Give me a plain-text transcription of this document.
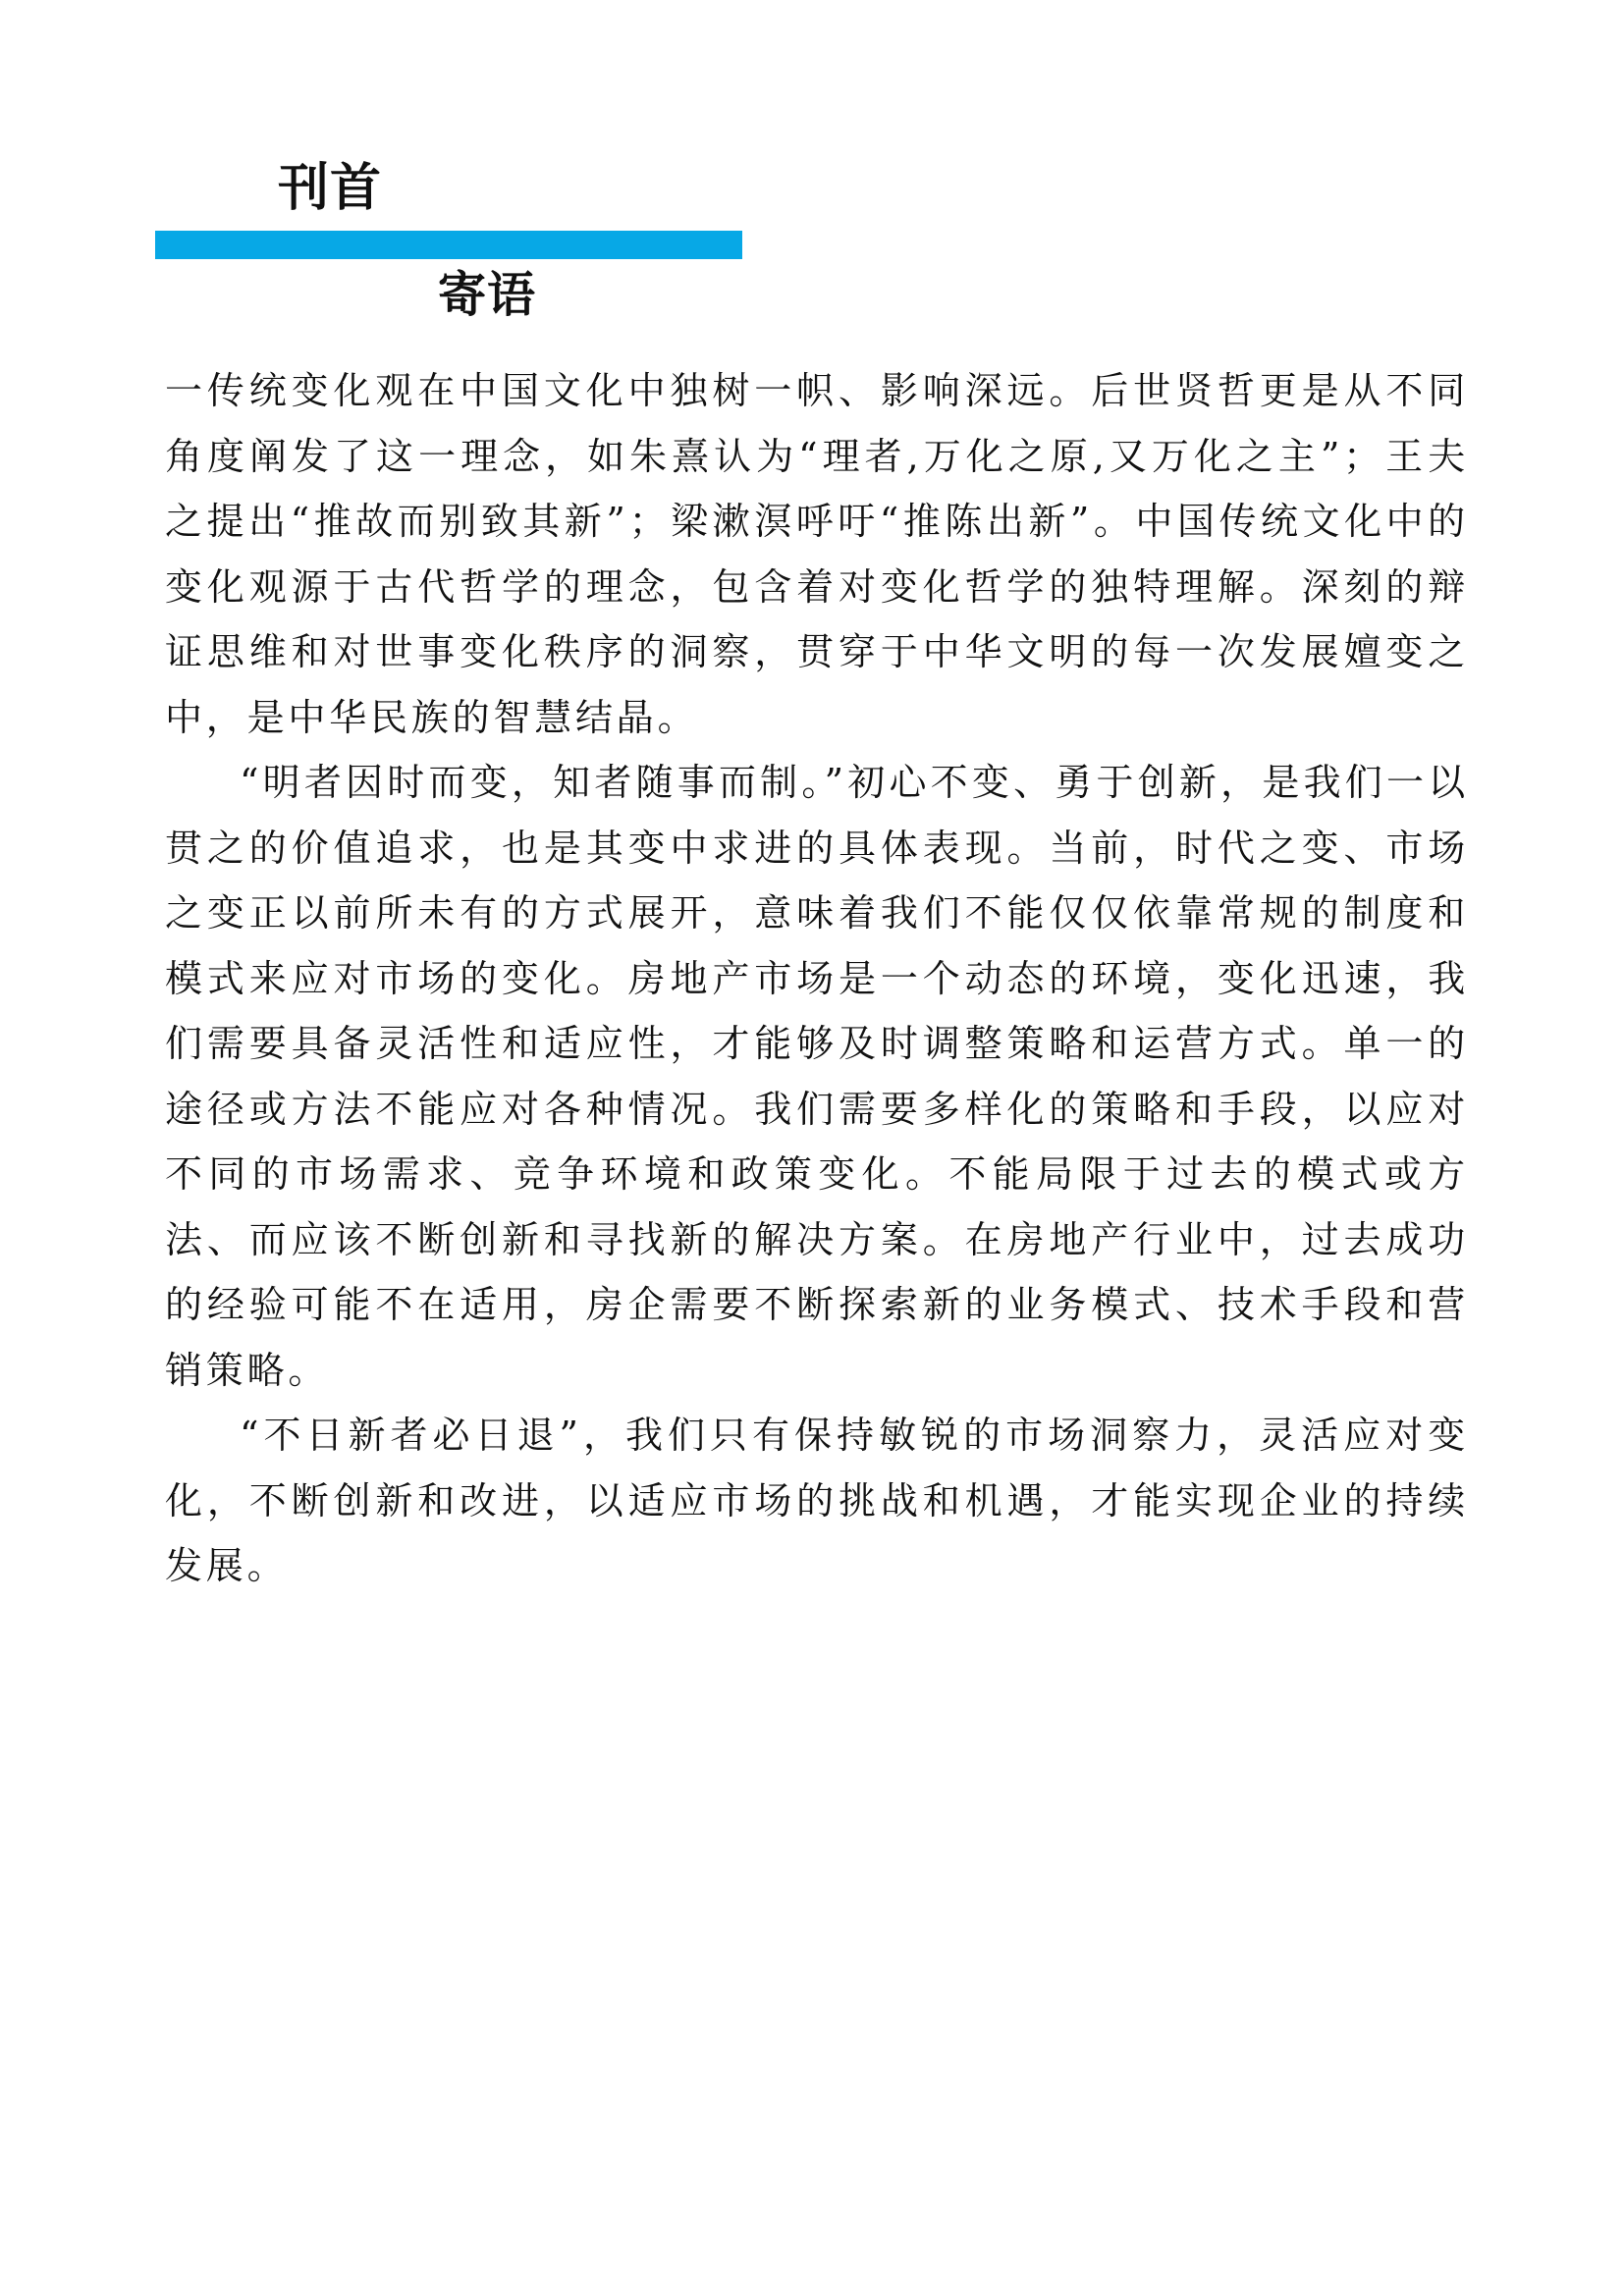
刊首
寄语

一传统变化观在中国文化中独树一帜、影响深远。后世贤哲更是从不同角度阐发了这一理念，如朱熹认为“理者,万化之原,又万化之主”；王夫之提出“推故而别致其新”；梁漱溟呼吁“推陈出新”。中国传统文化中的变化观源于古代哲学的理念，包含着对变化哲学的独特理解。深刻的辩证思维和对世事变化秩序的洞察，贯穿于中华文明的每一次发展嬗变之中，是中华民族的智慧结晶。

“明者因时而变，知者随事而制。”初心不变、勇于创新，是我们一以贯之的价值追求，也是其变中求进的具体表现。当前，时代之变、市场之变正以前所未有的方式展开，意味着我们不能仅仅依靠常规的制度和模式来应对市场的变化。房地产市场是一个动态的环境，变化迅速，我们需要具备灵活性和适应性，才能够及时调整策略和运营方式。单一的途径或方法不能应对各种情况。我们需要多样化的策略和手段，以应对不同的市场需求、竞争环境和政策变化。不能局限于过去的模式或方法、而应该不断创新和寻找新的解决方案。在房地产行业中，过去成功的经验可能不在适用，房企需要不断探索新的业务模式、技术手段和营销策略。

“不日新者必日退”，我们只有保持敏锐的市场洞察力，灵活应对变化，不断创新和改进，以适应市场的挑战和机遇，才能实现企业的持续发展。
